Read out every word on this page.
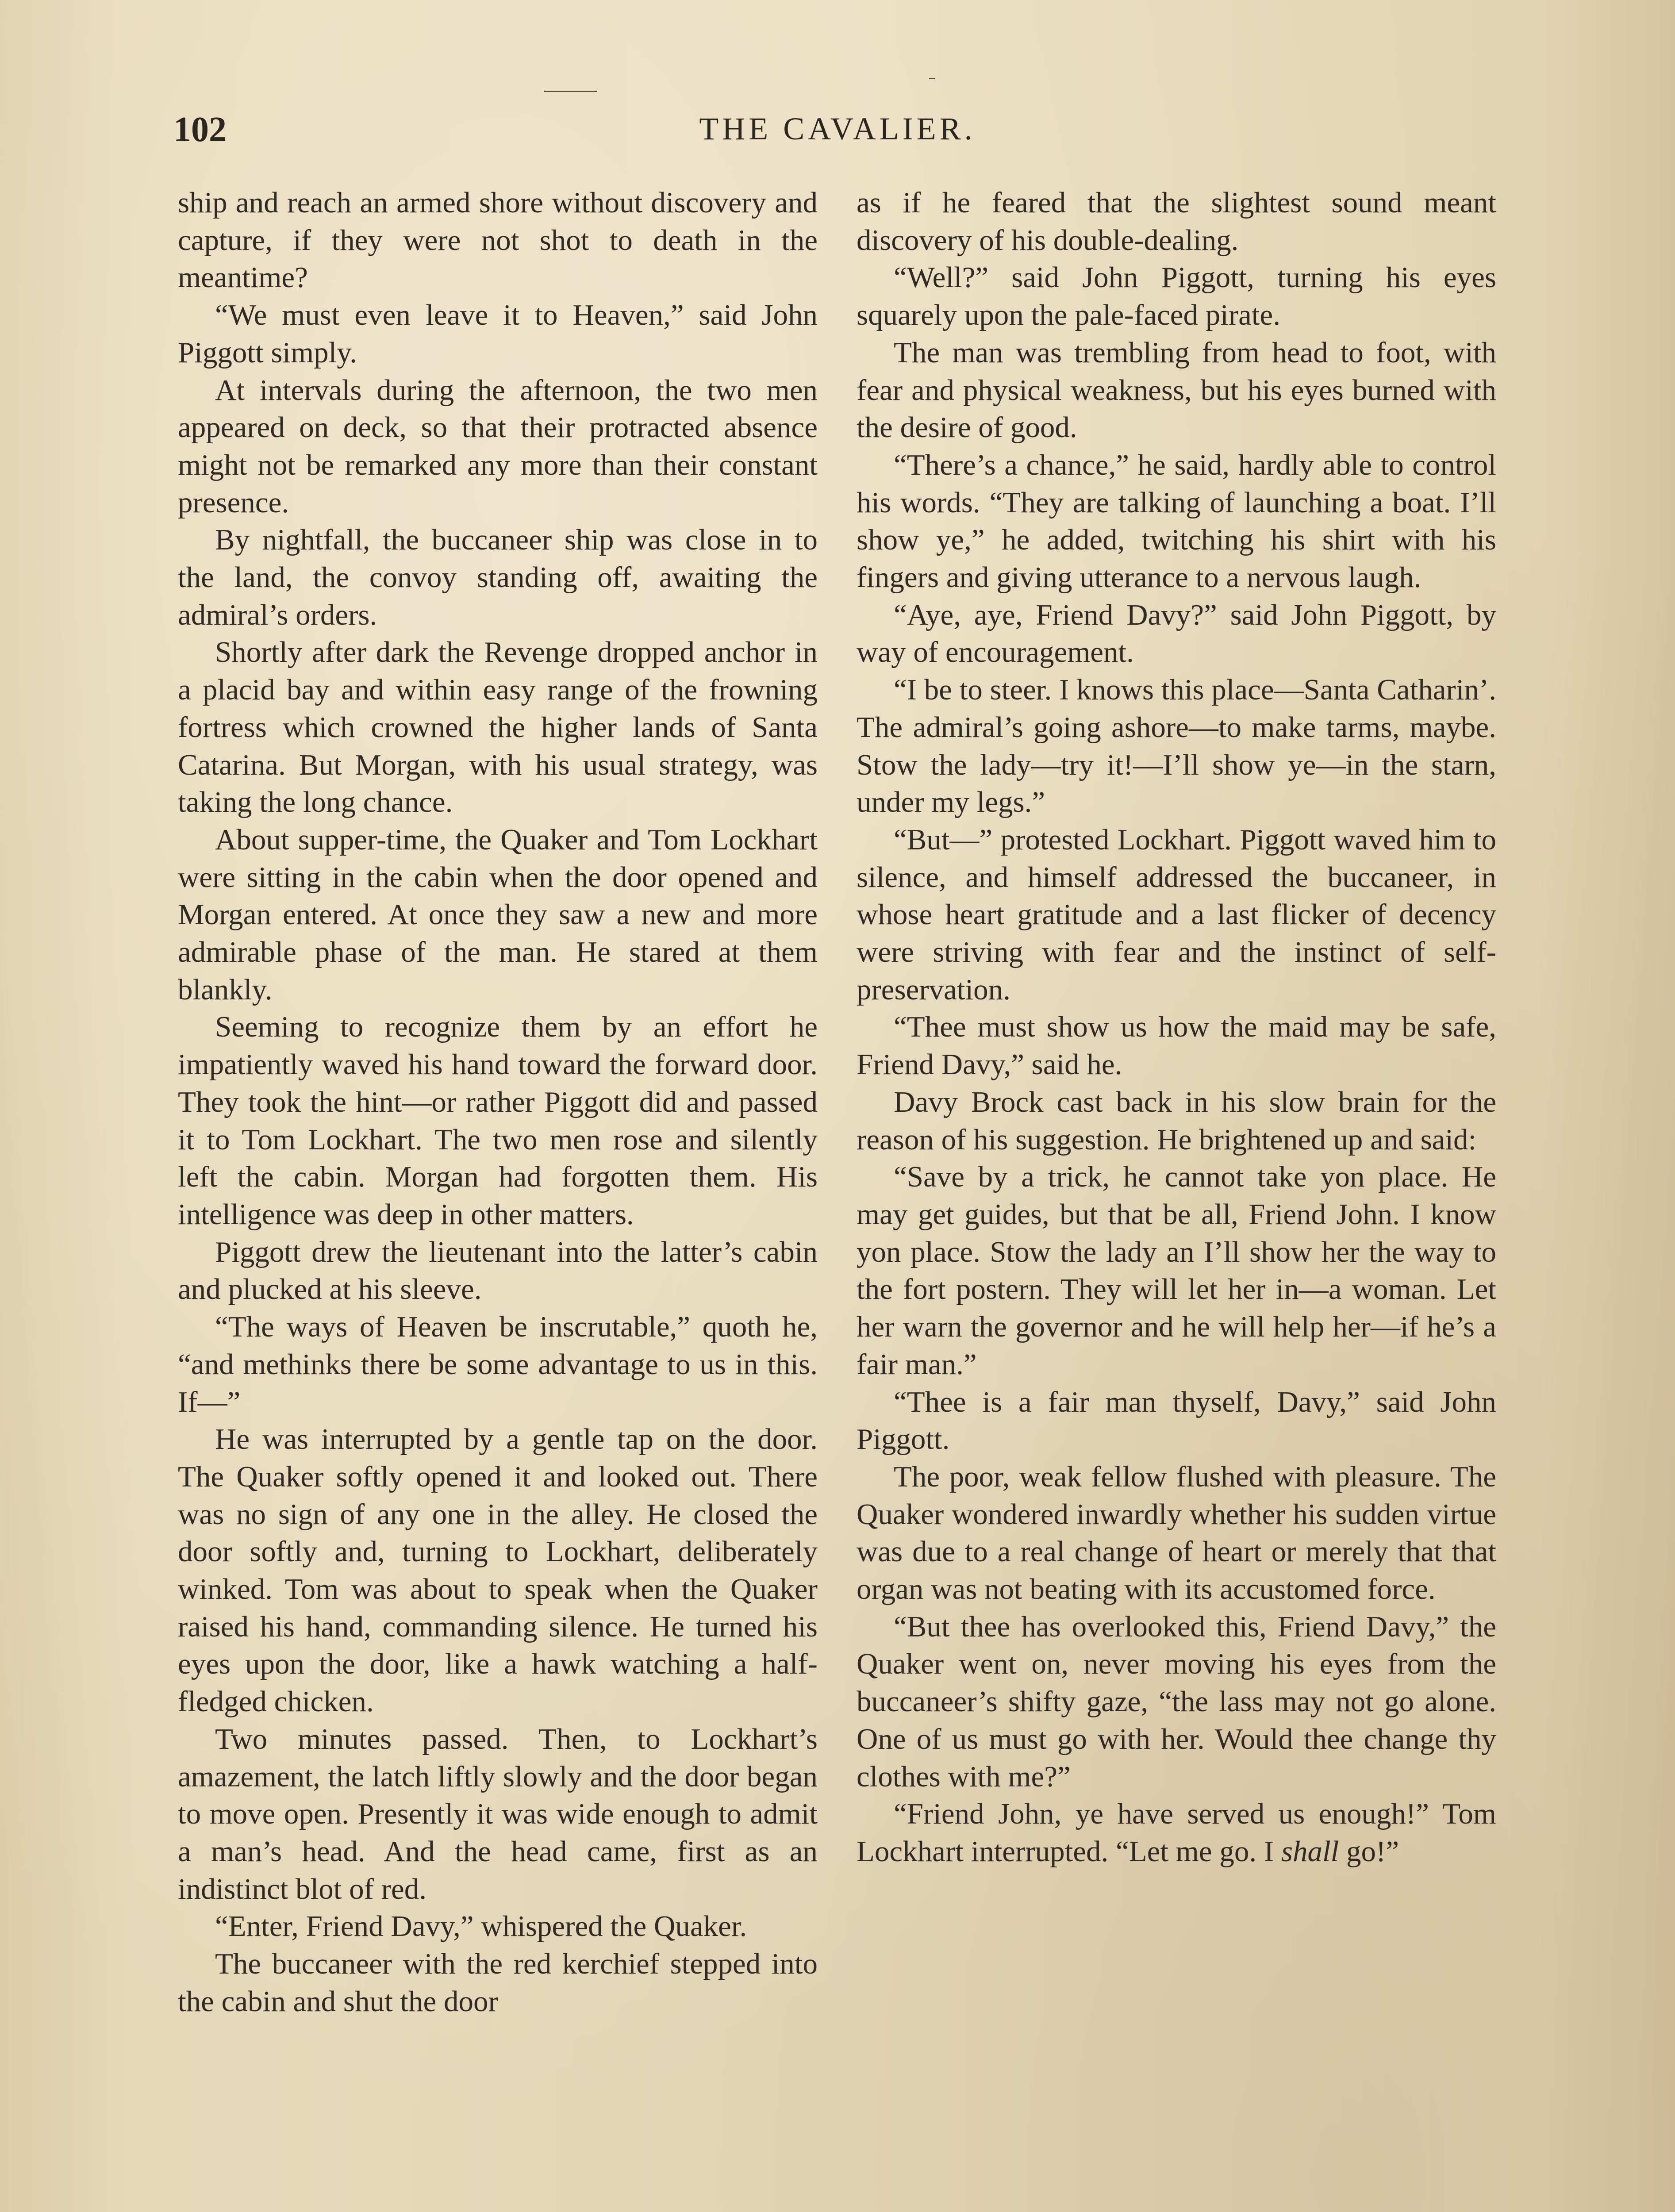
102	THE CAVALIER.

ship and reach an armed shore without discovery and capture, if they were not shot to death in the meantime?

“We must even leave it to Heaven,” said John Piggott simply.

At intervals during the afternoon, the two men appeared on deck, so that their protracted absence might not be remarked any more than their constant presence.

By nightfall, the buccaneer ship was close in to the land, the convoy standing off, awaiting the admiral’s orders.

Shortly after dark the Revenge dropped anchor in a placid bay and within easy range of the frowning fortress which crowned the higher lands of Santa Catarina. But Morgan, with his usual strategy, was taking the long chance.

About supper-time, the Quaker and Tom Lockhart were sitting in the cabin when the door opened and Morgan entered. At once they saw a new and more admirable phase of the man. He stared at them blankly.

Seeming to recognize them by an effort he impatiently waved his hand toward the forward door. They took the hint—or rather Piggott did and passed it to Tom Lockhart. The two men rose and silently left the cabin. Morgan had forgotten them. His intelligence was deep in other matters.

Piggott drew the lieutenant into the latter’s cabin and plucked at his sleeve.

“The ways of Heaven be inscrutable,” quoth he, “and methinks there be some advantage to us in this. If—”

He was interrupted by a gentle tap on the door. The Quaker softly opened it and looked out. There was no sign of any one in the alley. He closed the door softly and, turning to Lockhart, deliberately winked. Tom was about to speak when the Quaker raised his hand, commanding silence. He turned his eyes upon the door, like a hawk watching a half-fledged chicken.

Two minutes passed. Then, to Lockhart’s amazement, the latch liftly slowly and the door began to move open. Presently it was wide enough to admit a man’s head. And the head came, first as an indistinct blot of red.

“Enter, Friend Davy,” whispered the Quaker.

The buccaneer with the red kerchief stepped into the cabin and shut the door

as if he feared that the slightest sound meant discovery of his double-dealing.

“Well?” said John Piggott, turning his eyes squarely upon the pale-faced pirate.

The man was trembling from head to foot, with fear and physical weakness, but his eyes burned with the desire of good.

“There’s a chance,” he said, hardly able to control his words. “They are talking of launching a boat. I’ll show ye,” he added, twitching his shirt with his fingers and giving utterance to a nervous laugh.

“Aye, aye, Friend Davy?” said John Piggott, by way of encouragement.

“I be to steer. I knows this place—Santa Catharin’. The admiral’s going ashore—to make tarms, maybe. Stow the lady—try it!—I’ll show ye—in the starn, under my legs.”

“But—” protested Lockhart. Piggott waved him to silence, and himself addressed the buccaneer, in whose heart gratitude and a last flicker of decency were striving with fear and the instinct of self-preservation.

“Thee must show us how the maid may be safe, Friend Davy,” said he.

Davy Brock cast back in his slow brain for the reason of his suggestion. He brightened up and said:

“Save by a trick, he cannot take yon place. He may get guides, but that be all, Friend John. I know yon place. Stow the lady an I’ll show her the way to the fort postern. They will let her in—a woman. Let her warn the governor and he will help her—if he’s a fair man.”

“Thee is a fair man thyself, Davy,” said John Piggott.

The poor, weak fellow flushed with pleasure. The Quaker wondered inwardly whether his sudden virtue was due to a real change of heart or merely that that organ was not beating with its accustomed force.

“But thee has overlooked this, Friend Davy,” the Quaker went on, never moving his eyes from the buccaneer’s shifty gaze, “the lass may not go alone. One of us must go with her. Would thee change thy clothes with me?”

“Friend John, ye have served us enough!” Tom Lockhart interrupted. “Let me go. I shall go!”
